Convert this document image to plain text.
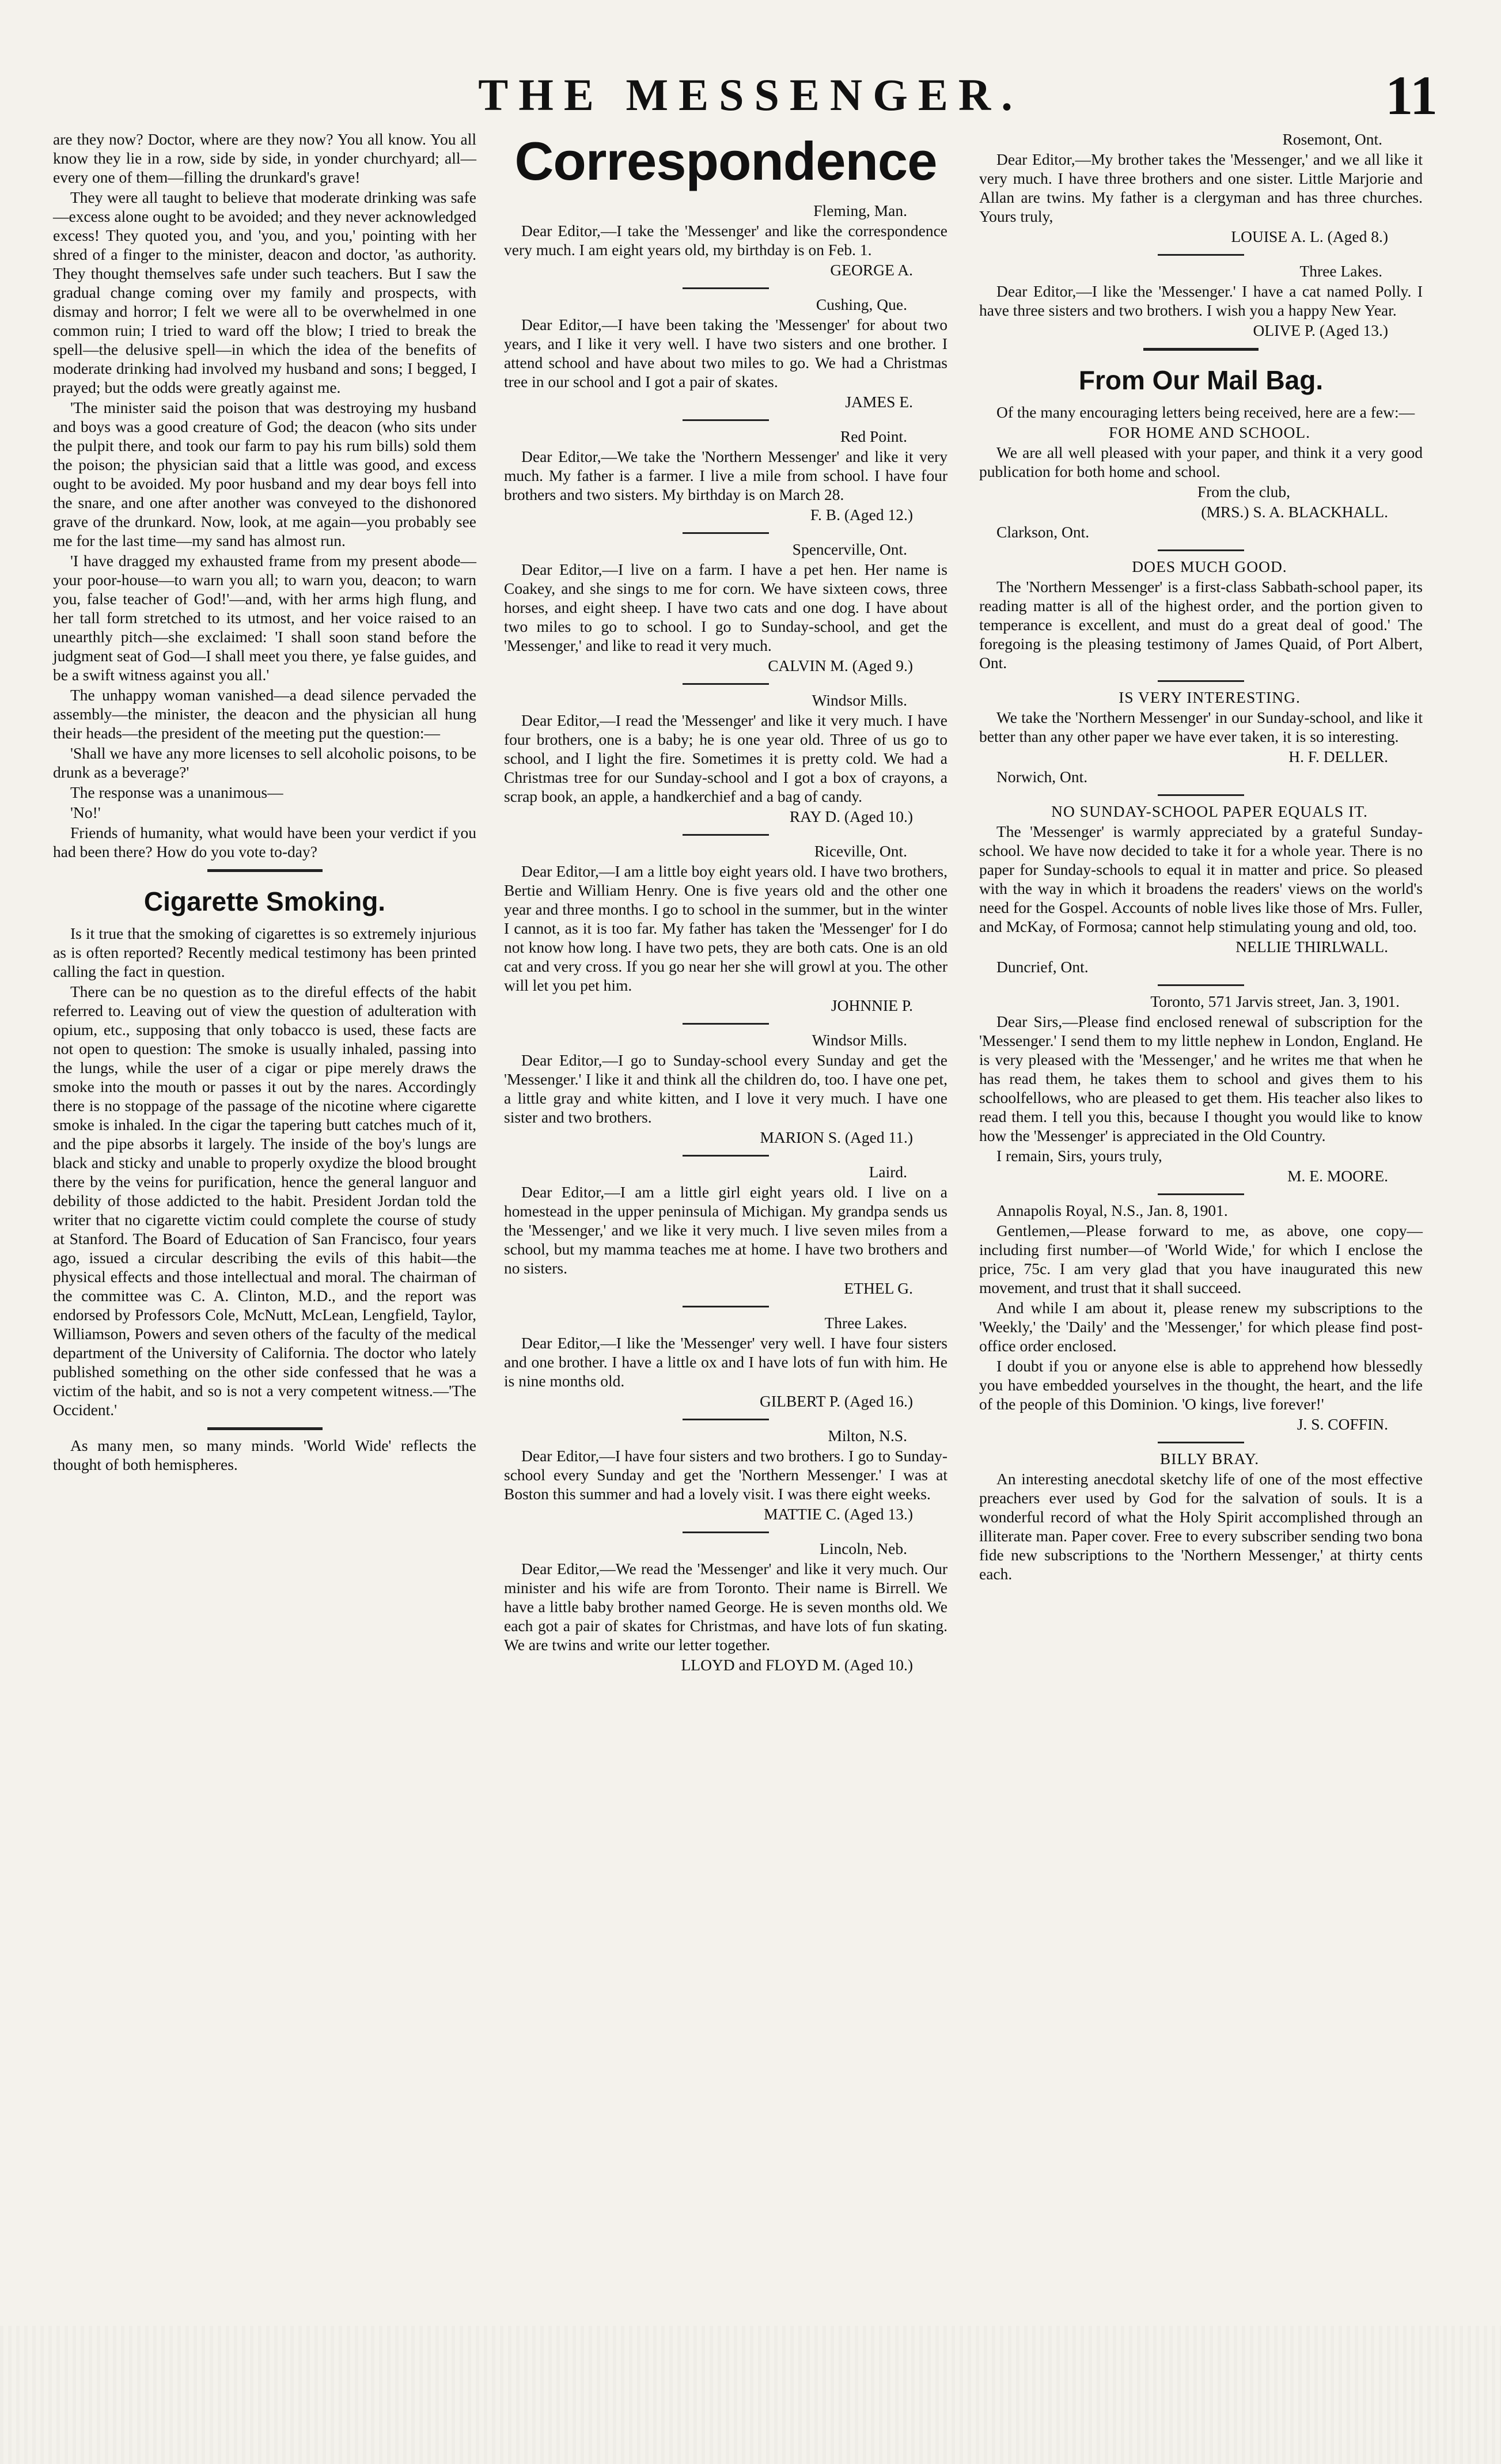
THE MESSENGER.	11

are they now? Doctor, where are they now? You all know. You all know they lie in a row, side by side, in yonder churchyard; all—every one of them—filling the drunkard's grave!

They were all taught to believe that moderate drinking was safe—excess alone ought to be avoided; and they never acknowledged excess! They quoted you, and 'you, and you,' pointing with her shred of a finger to the minister, deacon and doctor, 'as authority. They thought themselves safe under such teachers. But I saw the gradual change coming over my family and prospects, with dismay and horror; I felt we were all to be overwhelmed in one common ruin; I tried to ward off the blow; I tried to break the spell—the delusive spell—in which the idea of the benefits of moderate drinking had involved my husband and sons; I begged, I prayed; but the odds were greatly against me.

'The minister said the poison that was destroying my husband and boys was a good creature of God; the deacon (who sits under the pulpit there, and took our farm to pay his rum bills) sold them the poison; the physician said that a little was good, and excess ought to be avoided. My poor husband and my dear boys fell into the snare, and one after another was conveyed to the dishonored grave of the drunkard. Now, look, at me again—you probably see me for the last time—my sand has almost run.

'I have dragged my exhausted frame from my present abode—your poor-house—to warn you all; to warn you, deacon; to warn you, false teacher of God!'—and, with her arms high flung, and her tall form stretched to its utmost, and her voice raised to an unearthly pitch—she exclaimed: 'I shall soon stand before the judgment seat of God—I shall meet you there, ye false guides, and be a swift witness against you all.'

The unhappy woman vanished—a dead silence pervaded the assembly—the minister, the deacon and the physician all hung their heads—the president of the meeting put the question:—

'Shall we have any more licenses to sell alcoholic poisons, to be drunk as a beverage?'

The response was a unanimous—

'No!'

Friends of humanity, what would have been your verdict if you had been there? How do you vote to-day?

Cigarette Smoking.

Is it true that the smoking of cigarettes is so extremely injurious as is often reported? Recently medical testimony has been printed calling the fact in question.

There can be no question as to the direful effects of the habit referred to. Leaving out of view the question of adulteration with opium, etc., supposing that only tobacco is used, these facts are not open to question: The smoke is usually inhaled, passing into the lungs, while the user of a cigar or pipe merely draws the smoke into the mouth or passes it out by the nares. Accordingly there is no stoppage of the passage of the nicotine where cigarette smoke is inhaled. In the cigar the tapering butt catches much of it, and the pipe absorbs it largely. The inside of the boy's lungs are black and sticky and unable to properly oxydize the blood brought there by the veins for purification, hence the general languor and debility of those addicted to the habit. President Jordan told the writer that no cigarette victim could complete the course of study at Stanford. The Board of Education of San Francisco, four years ago, issued a circular describing the evils of this habit—the physical effects and those intellectual and moral. The chairman of the committee was C. A. Clinton, M.D., and the report was endorsed by Professors Cole, McNutt, McLean, Lengfield, Taylor, Williamson, Powers and seven others of the faculty of the medical department of the University of California. The doctor who lately published something on the other side confessed that he was a victim of the habit, and so is not a very competent witness.—'The Occident.'

As many men, so many minds. 'World Wide' reflects the thought of both hemispheres.

Correspondence

Fleming, Man.

Dear Editor,—I take the 'Messenger' and like the correspondence very much. I am eight years old, my birthday is on Feb. 1.

GEORGE A.

Cushing, Que.

Dear Editor,—I have been taking the 'Messenger' for about two years, and I like it very well. I have two sisters and one brother. I attend school and have about two miles to go. We had a Christmas tree in our school and I got a pair of skates.

JAMES E.

Red Point.

Dear Editor,—We take the 'Northern Messenger' and like it very much. My father is a farmer. I live a mile from school. I have four brothers and two sisters. My birthday is on March 28.

F. B. (Aged 12.)

Spencerville, Ont.

Dear Editor,—I live on a farm. I have a pet hen. Her name is Coakey, and she sings to me for corn. We have sixteen cows, three horses, and eight sheep. I have two cats and one dog. I have about two miles to go to school. I go to Sunday-school, and get the 'Messenger,' and like to read it very much.

CALVIN M. (Aged 9.)

Windsor Mills.

Dear Editor,—I read the 'Messenger' and like it very much. I have four brothers, one is a baby; he is one year old. Three of us go to school, and I light the fire. Sometimes it is pretty cold. We had a Christmas tree for our Sunday-school and I got a box of crayons, a scrap book, an apple, a handkerchief and a bag of candy.

RAY D. (Aged 10.)

Riceville, Ont.

Dear Editor,—I am a little boy eight years old. I have two brothers, Bertie and William Henry. One is five years old and the other one year and three months. I go to school in the summer, but in the winter I cannot, as it is too far. My father has taken the 'Messenger' for I do not know how long. I have two pets, they are both cats. One is an old cat and very cross. If you go near her she will growl at you. The other will let you pet him.

JOHNNIE P.

Windsor Mills.

Dear Editor,—I go to Sunday-school every Sunday and get the 'Messenger.' I like it and think all the children do, too. I have one pet, a little gray and white kitten, and I love it very much. I have one sister and two brothers.

MARION S. (Aged 11.)

Laird.

Dear Editor,—I am a little girl eight years old. I live on a homestead in the upper peninsula of Michigan. My grandpa sends us the 'Messenger,' and we like it very much. I live seven miles from a school, but my mamma teaches me at home. I have two brothers and no sisters.

ETHEL G.

Three Lakes.

Dear Editor,—I like the 'Messenger' very well. I have four sisters and one brother. I have a little ox and I have lots of fun with him. He is nine months old.

GILBERT P. (Aged 16.)

Milton, N.S.

Dear Editor,—I have four sisters and two brothers. I go to Sunday-school every Sunday and get the 'Northern Messenger.' I was at Boston this summer and had a lovely visit. I was there eight weeks.

MATTIE C. (Aged 13.)

Lincoln, Neb.

Dear Editor,—We read the 'Messenger' and like it very much. Our minister and his wife are from Toronto. Their name is Birrell. We have a little baby brother named George. He is seven months old. We each got a pair of skates for Christmas, and have lots of fun skating. We are twins and write our letter together.

LLOYD and FLOYD M. (Aged 10.)

Rosemont, Ont.

Dear Editor,—My brother takes the 'Messenger,' and we all like it very much. I have three brothers and one sister. Little Marjorie and Allan are twins. My father is a clergyman and has three churches. Yours truly,

LOUISE A. L. (Aged 8.)

Three Lakes.

Dear Editor,—I like the 'Messenger.' I have a cat named Polly. I have three sisters and two brothers. I wish you a happy New Year.

OLIVE P. (Aged 13.)

From Our Mail Bag.

Of the many encouraging letters being received, here are a few:—

FOR HOME AND SCHOOL.

We are all well pleased with your paper, and think it a very good publication for both home and school.

From the club,

(MRS.) S. A. BLACKHALL.

Clarkson, Ont.

DOES MUCH GOOD.

The 'Northern Messenger' is a first-class Sabbath-school paper, its reading matter is all of the highest order, and the portion given to temperance is excellent, and must do a great deal of good.' The foregoing is the pleasing testimony of James Quaid, of Port Albert, Ont.

IS VERY INTERESTING.

We take the 'Northern Messenger' in our Sunday-school, and like it better than any other paper we have ever taken, it is so interesting.

H. F. DELLER.

Norwich, Ont.

NO SUNDAY-SCHOOL PAPER EQUALS IT.

The 'Messenger' is warmly appreciated by a grateful Sunday-school. We have now decided to take it for a whole year. There is no paper for Sunday-schools to equal it in matter and price. So pleased with the way in which it broadens the readers' views on the world's need for the Gospel. Accounts of noble lives like those of Mrs. Fuller, and McKay, of Formosa; cannot help stimulating young and old, too.

NELLIE THIRLWALL.

Duncrief, Ont.

Toronto, 571 Jarvis street, Jan. 3, 1901.

Dear Sirs,—Please find enclosed renewal of subscription for the 'Messenger.' I send them to my little nephew in London, England. He is very pleased with the 'Messenger,' and he writes me that when he has read them, he takes them to school and gives them to his schoolfellows, who are pleased to get them. His teacher also likes to read them. I tell you this, because I thought you would like to know how the 'Messenger' is appreciated in the Old Country.

I remain, Sirs, yours truly,

M. E. MOORE.

Annapolis Royal, N.S., Jan. 8, 1901.

Gentlemen,—Please forward to me, as above, one copy—including first number—of 'World Wide,' for which I enclose the price, 75c. I am very glad that you have inaugurated this new movement, and trust that it shall succeed.

And while I am about it, please renew my subscriptions to the 'Weekly,' the 'Daily' and the 'Messenger,' for which please find post-office order enclosed.

I doubt if you or anyone else is able to apprehend how blessedly you have embedded yourselves in the thought, the heart, and the life of the people of this Dominion. 'O kings, live forever!'

J. S. COFFIN.

BILLY BRAY.

An interesting anecdotal sketchy life of one of the most effective preachers ever used by God for the salvation of souls. It is a wonderful record of what the Holy Spirit accomplished through an illiterate man. Paper cover. Free to every subscriber sending two bona fide new subscriptions to the 'Northern Messenger,' at thirty cents each.
